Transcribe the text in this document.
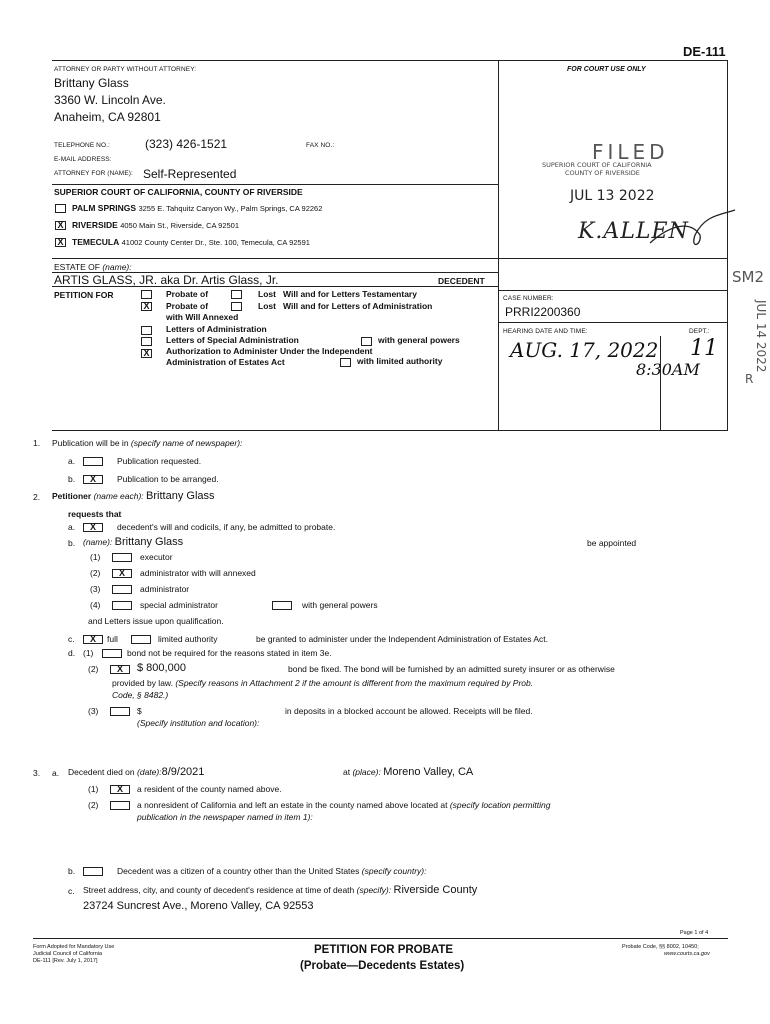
DE-111
FOR COURT USE ONLY
ATTORNEY OR PARTY WITHOUT ATTORNEY:
Brittany Glass
3360 W. Lincoln Ave.
Anaheim, CA 92801
TELEPHONE NO.:	(323) 426-1521	FAX NO.:
E-MAIL ADDRESS:
ATTORNEY FOR (NAME): Self-Represented
SUPERIOR COURT OF CALIFORNIA, COUNTY OF RIVERSIDE
PALM SPRINGS 3255 E. Tahquitz Canyon Wy., Palm Springs, CA 92262
X RIVERSIDE 4050 Main St., Riverside, CA 92501
X TEMECULA 41002 County Center Dr., Ste. 100, Temecula, CA 92591
ESTATE OF (name):
ARTIS GLASS, JR. aka Dr. Artis Glass, Jr.	DECEDENT
PETITION FOR	Probate of	Lost Will and for Letters Testamentary
X Probate of	Lost Will and for Letters of Administration
with Will Annexed
Letters of Administration
Letters of Special Administration	with general powers
X Authorization to Administer Under the Independent
Administration of Estates Act	with limited authority
CASE NUMBER:
PRRI2200360
HEARING DATE AND TIME:	DEPT.:
AUG. 17, 2022 11
8:30AM
FILED
SUPERIOR COURT OF CALIFORNIA
COUNTY OF RIVERSIDE
JUL 13 2022
K.ALLEN
SM2
JUL 14 2022
R
1. Publication will be in (specify name of newspaper):
a.	Publication requested.
b.	X	Publication to be arranged.
2. Petitioner (name each): Brittany Glass
requests that
a.	X	decedent's will and codicils, if any, be admitted to probate.
b. (name): Brittany Glass	be appointed
(1)	executor
(2)	X	administrator with will annexed
(3)	administrator
(4)	special administrator	with general powers
and Letters issue upon qualification.
c.	X	full	limited authority	be granted to administer under the Independent Administration of Estates Act.
d. (1)	bond not be required for the reasons stated in item 3e.
(2)	X	$ 800,000	bond be fixed. The bond will be furnished by an admitted surety insurer or as otherwise
provided by law. (Specify reasons in Attachment 2 if the amount is different from the maximum required by Prob.
Code, § 8482.)
(3)	$	in deposits in a blocked account be allowed. Receipts will be filed.
(Specify institution and location):
3. a. Decedent died on (date):8/9/2021	at (place): Moreno Valley, CA
(1)	X	a resident of the county named above.
(2)	a nonresident of California and left an estate in the county named above located at (specify location permitting
publication in the newspaper named in item 1):
b.	Decedent was a citizen of a country other than the United States (specify country):
c. Street address, city, and county of decedent's residence at time of death (specify): Riverside County
23724 Suncrest Ave., Moreno Valley, CA 92553
Form Adopted for Mandatory Use
Judicial Council of California
DE-111 [Rev. July 1, 2017]
PETITION FOR PROBATE
(Probate—Decedents Estates)
Page 1 of 4
Probate Code, §§ 8002, 10450;
www.courts.ca.gov
